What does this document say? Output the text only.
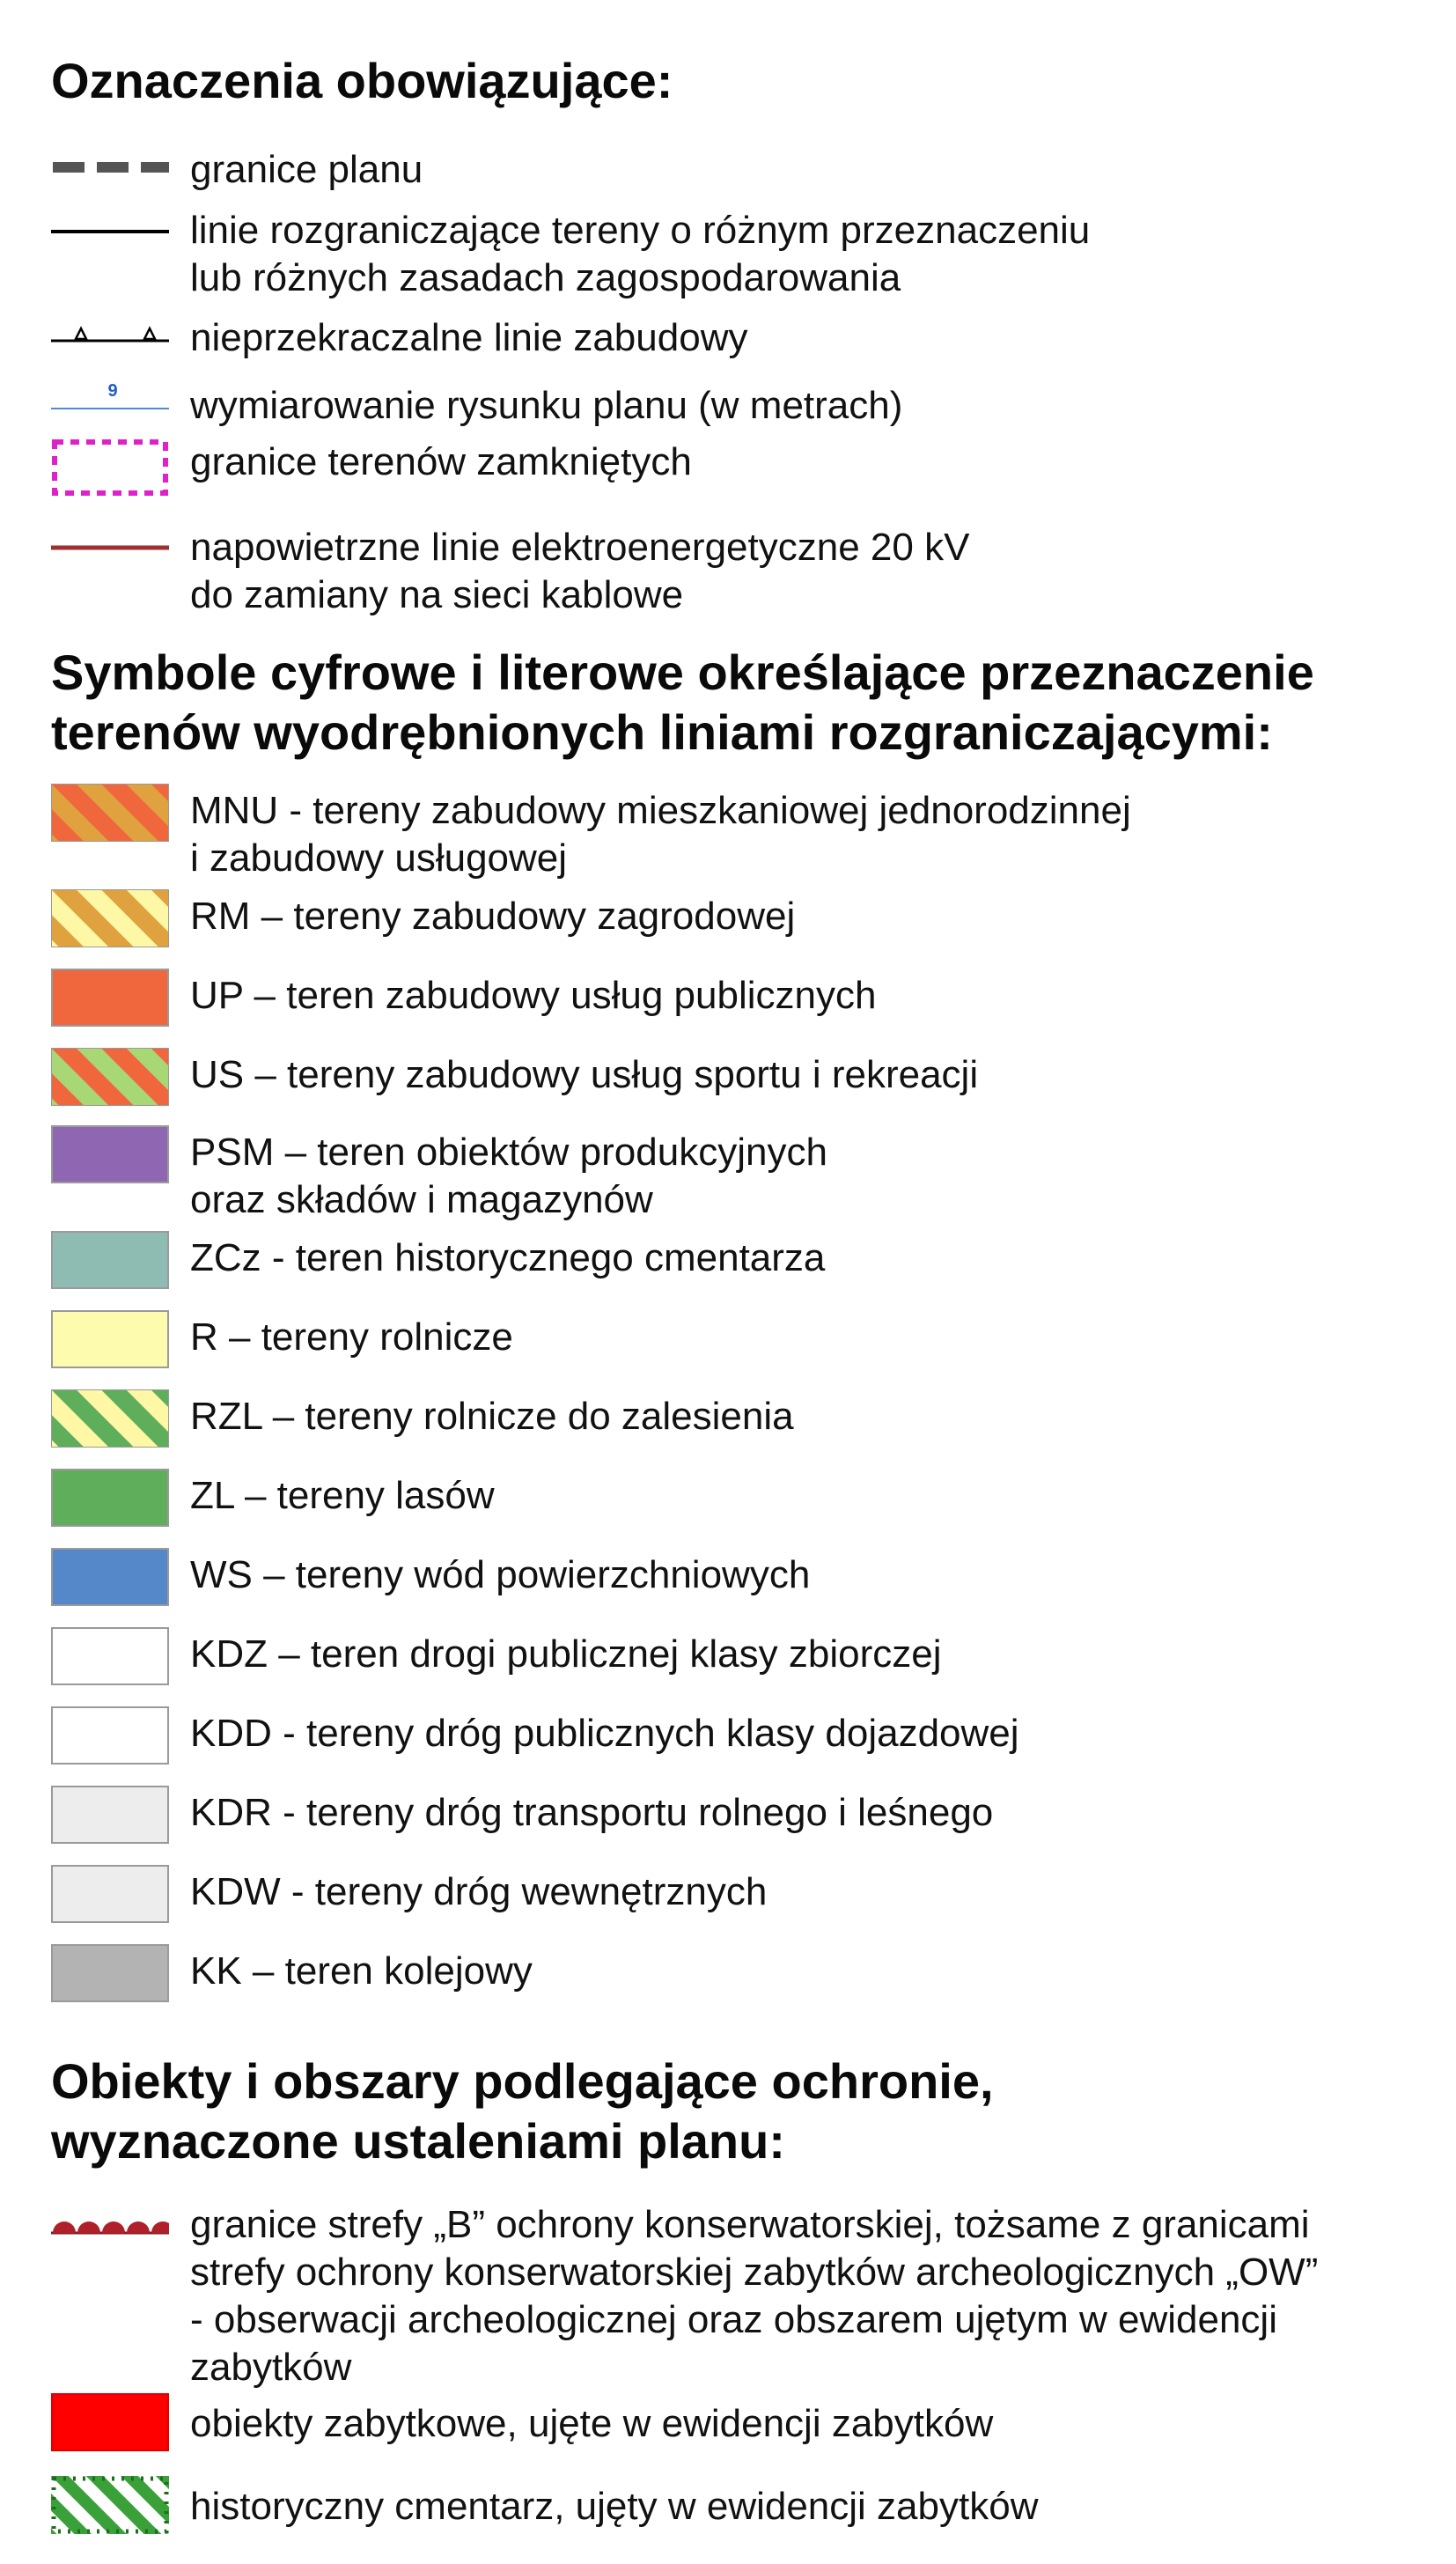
Oznaczenia obowiązujące:
granice planu
linie rozgraniczające tereny o różnym przeznaczeniu
lub różnych zasadach zagospodarowania
nieprzekraczalne linie zabudowy
9 wymiarowanie rysunku planu (w metrach)
granice terenów zamkniętych
napowietrzne linie elektroenergetyczne 20 kV
do zamiany na sieci kablowe
Symbole cyfrowe i literowe określające przeznaczenie
terenów wyodrębnionych liniami rozgraniczającymi:
MNU - tereny zabudowy mieszkaniowej jednorodzinnej
i zabudowy usługowej
RM – tereny zabudowy zagrodowej
UP – teren zabudowy usług publicznych
US – tereny zabudowy usług sportu i rekreacji
PSM – teren obiektów produkcyjnych
oraz składów i magazynów
ZCz - teren historycznego cmentarza
R – tereny rolnicze
RZL – tereny rolnicze do zalesienia
ZL – tereny lasów
WS – tereny wód powierzchniowych
KDZ – teren drogi publicznej klasy zbiorczej
KDD - tereny dróg publicznych klasy dojazdowej
KDR - tereny dróg transportu rolnego i leśnego
KDW - tereny dróg wewnętrznych
KK – teren kolejowy
Obiekty i obszary podlegające ochronie,
wyznaczone ustaleniami planu:
granice strefy „B” ochrony konserwatorskiej, tożsame z granicami
strefy ochrony konserwatorskiej zabytków archeologicznych „OW”
- obserwacji archeologicznej oraz obszarem ujętym w ewidencji
zabytków
obiekty zabytkowe, ujęte w ewidencji zabytków
historyczny cmentarz, ujęty w ewidencji zabytków
